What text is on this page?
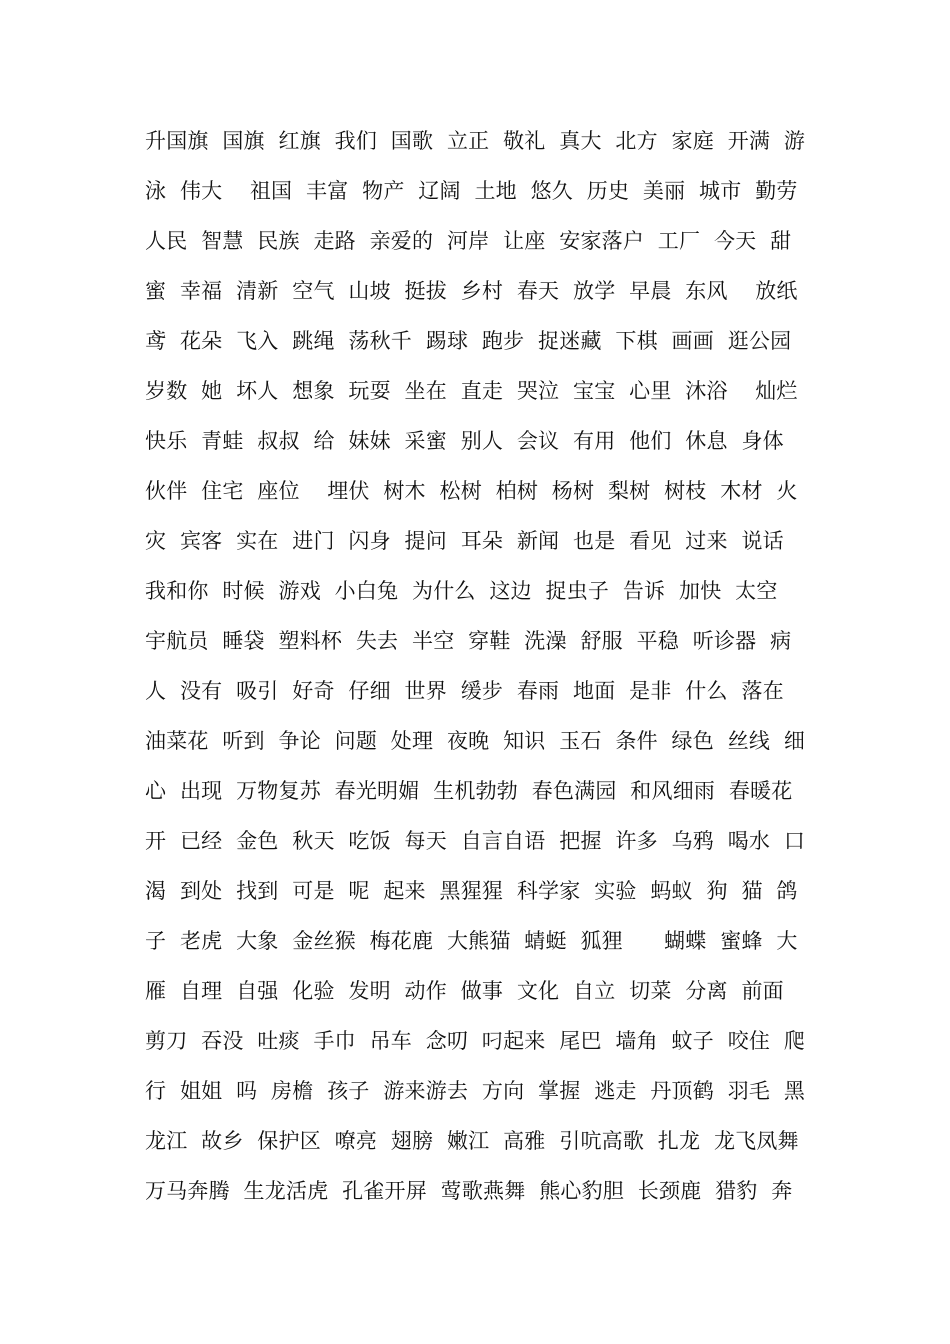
升国旗  国旗  红旗  我们  国歌  立正  敬礼  真大  北方  家庭  开满  游
泳  伟大    祖国  丰富  物产  辽阔  土地  悠久  历史  美丽  城市  勤劳
人民  智慧  民族  走路  亲爱的  河岸  让座  安家落户  工厂  今天  甜
蜜  幸福  清新  空气  山坡  挺拔  乡村  春天  放学  早晨  东风    放纸
鸢  花朵  飞入  跳绳  荡秋千  踢球  跑步  捉迷藏  下棋  画画  逛公园
岁数  她  坏人  想象  玩耍  坐在  直走  哭泣  宝宝  心里  沐浴    灿烂
快乐  青蛙  叔叔  给  妹妹  采蜜  别人  会议  有用  他们  休息  身体
伙伴  住宅  座位    埋伏  树木  松树  柏树  杨树  梨树  树枝  木材  火
灾  宾客  实在  进门  闪身  提问  耳朵  新闻  也是  看见  过来  说话
我和你  时候  游戏  小白兔  为什么  这边  捉虫子  告诉  加快  太空
宇航员  睡袋  塑料杯  失去  半空  穿鞋  洗澡  舒服  平稳  听诊器  病
人  没有  吸引  好奇  仔细  世界  缓步  春雨  地面  是非  什么  落在
油菜花  听到  争论  问题  处理  夜晚  知识  玉石  条件  绿色  丝线  细
心  出现  万物复苏  春光明媚  生机勃勃  春色满园  和风细雨  春暖花
开  已经  金色  秋天  吃饭  每天  自言自语  把握  许多  乌鸦  喝水  口
渴  到处  找到  可是  呢  起来  黑猩猩  科学家  实验  蚂蚁  狗  猫  鸽
子  老虎  大象  金丝猴  梅花鹿  大熊猫  蜻蜓  狐狸      蝴蝶  蜜蜂  大
雁  自理  自强  化验  发明  动作  做事  文化  自立  切菜  分离  前面
剪刀  吞没  吐痰  手巾  吊车  念叨  叼起来  尾巴  墙角  蚊子  咬住  爬
行  姐姐  吗  房檐  孩子  游来游去  方向  掌握  逃走  丹顶鹤  羽毛  黑
龙江  故乡  保护区  嘹亮  翅膀  嫩江  高雅  引吭高歌  扎龙  龙飞凤舞
万马奔腾  生龙活虎  孔雀开屏  莺歌燕舞  熊心豹胆  长颈鹿  猎豹  奔
